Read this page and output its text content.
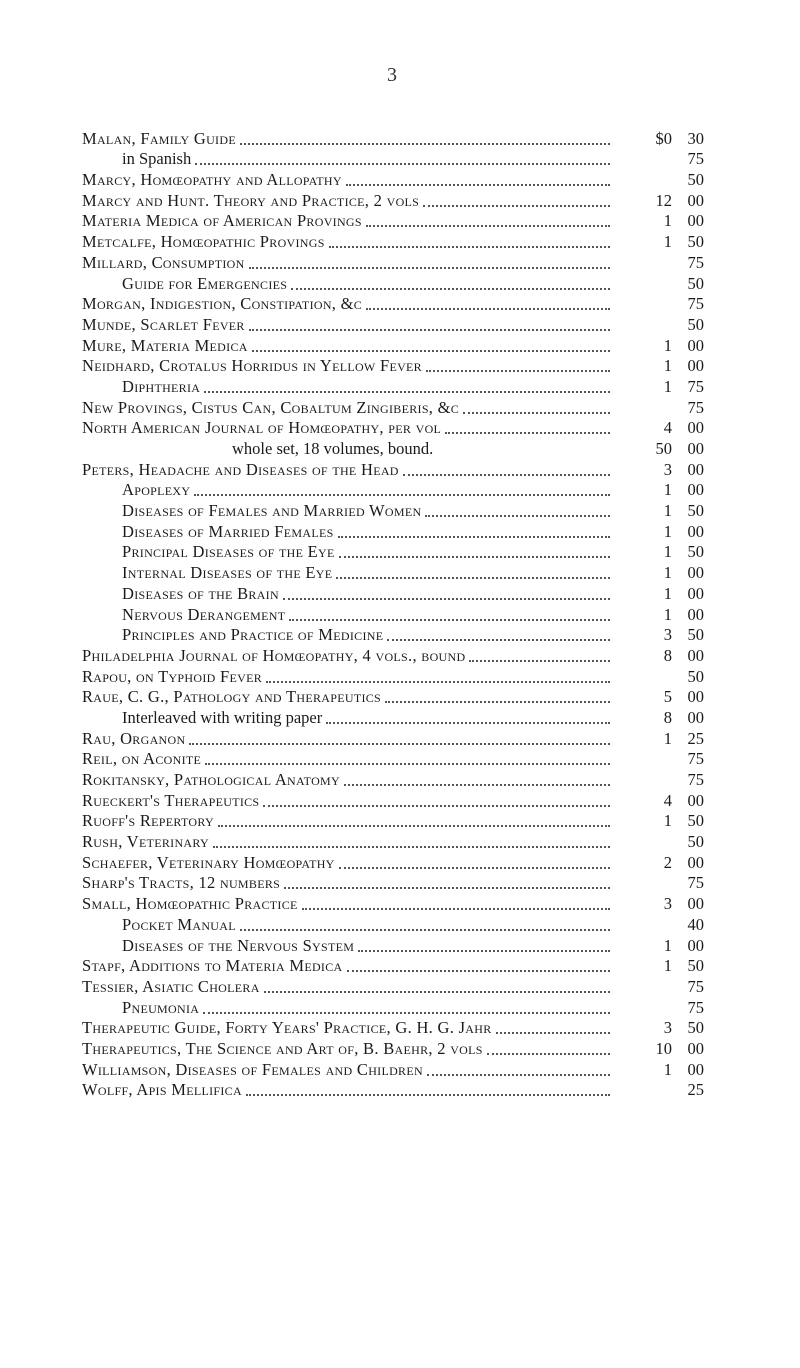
3
Malan, Family Guide	$0 30
in Spanish	75
Marcy, Homœopathy and Allopathy	50
Marcy and Hunt. Theory and Practice, 2 vols	12 00
Materia Medica of American Provings	1 00
Metcalfe, Homœopathic Provings	1 50
Millard, Consumption	75
Guide for Emergencies	50
Morgan, Indigestion, Constipation, &c	75
Munde, Scarlet Fever	50
Mure, Materia Medica	1 00
Neidhard, Crotalus Horridus in Yellow Fever	1 00
Diphtheria	1 75
New Provings, Cistus Can, Cobaltum Zingiberis, &c	75
North American Journal of Homœopathy, per vol	4 00
whole set, 18 volumes, bound.	50 00
Peters, Headache and Diseases of the Head	3 00
Apoplexy	1 00
Diseases of Females and Married Women	1 50
Diseases of Married Females	1 00
Principal Diseases of the Eye	1 50
Internal Diseases of the Eye	1 00
Diseases of the Brain	1 00
Nervous Derangement	1 00
Principles and Practice of Medicine	3 50
Philadelphia Journal of Homœopathy, 4 vols., bound	8 00
Rapou, on Typhoid Fever	50
Raue, C. G., Pathology and Therapeutics	5 00
Interleaved with writing paper	8 00
Rau, Organon	1 25
Reil, on Aconite	75
Rokitansky, Pathological Anatomy	75
Rueckert's Therapeutics	4 00
Ruoff's Repertory	1 50
Rush, Veterinary	50
Schaefer, Veterinary Homœopathy	2 00
Sharp's Tracts, 12 numbers	75
Small, Homœopathic Practice	3 00
Pocket Manual	40
Diseases of the Nervous System	1 00
Stapf, Additions to Materia Medica	1 50
Tessier, Asiatic Cholera	75
Pneumonia	75
Therapeutic Guide, Forty Years' Practice, G. H. G. Jahr	3 50
Therapeutics, The Science and Art of, B. Baehr, 2 vols	10 00
Williamson, Diseases of Females and Children	1 00
Wolff, Apis Mellifica	25
